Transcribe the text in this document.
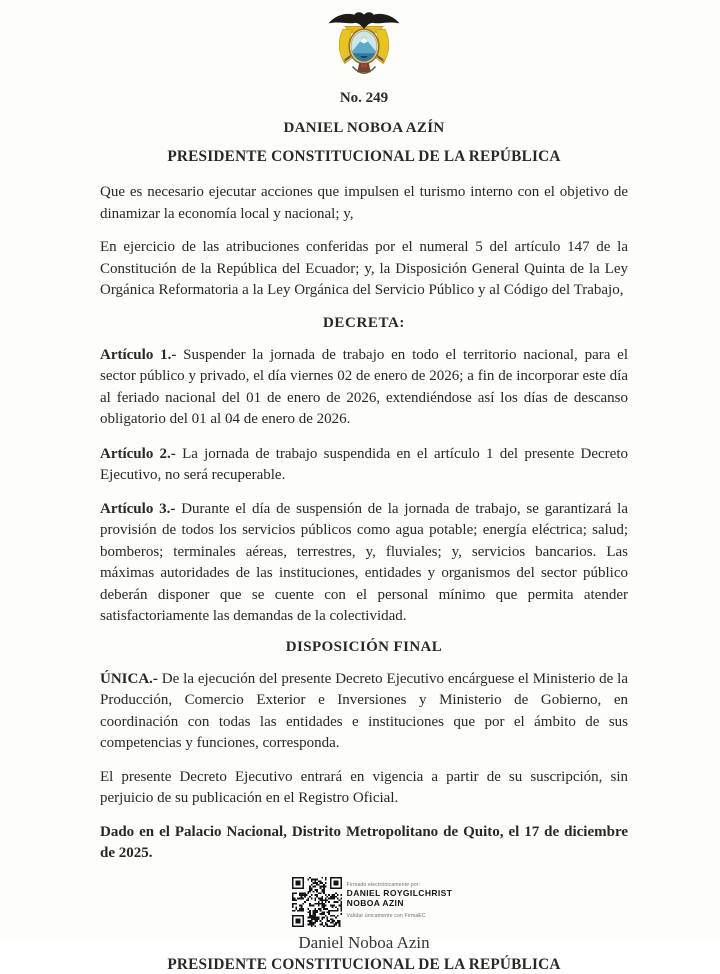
No. 249

DANIEL NOBOA AZÍN

PRESIDENTE CONSTITUCIONAL DE LA REPÚBLICA

Que es necesario ejecutar acciones que impulsen el turismo interno con el objetivo de dinamizar la economía local y nacional; y,

En ejercicio de las atribuciones conferidas por el numeral 5 del artículo 147 de la Constitución de la República del Ecuador; y, la Disposición General Quinta de la Ley Orgánica Reformatoria a la Ley Orgánica del Servicio Público y al Código del Trabajo,

DECRETA:

Artículo 1.- Suspender la jornada de trabajo en todo el territorio nacional, para el sector público y privado, el día viernes 02 de enero de 2026; a fin de incorporar este día al feriado nacional del 01 de enero de 2026, extendiéndose así los días de descanso obligatorio del 01 al 04 de enero de 2026.

Artículo 2.- La jornada de trabajo suspendida en el artículo 1 del presente Decreto Ejecutivo, no será recuperable.

Artículo 3.- Durante el día de suspensión de la jornada de trabajo, se garantizará la provisión de todos los servicios públicos como agua potable; energía eléctrica; salud; bomberos; terminales aéreas, terrestres, y, fluviales; y, servicios bancarios. Las máximas autoridades de las instituciones, entidades y organismos del sector público deberán disponer que se cuente con el personal mínimo que permita atender satisfactoriamente las demandas de la colectividad.

DISPOSICIÓN FINAL

ÚNICA.- De la ejecución del presente Decreto Ejecutivo encárguese el Ministerio de la Producción, Comercio Exterior e Inversiones y Ministerio de Gobierno, en coordinación con todas las entidades e instituciones que por el ámbito de sus competencias y funciones, corresponda.

El presente Decreto Ejecutivo entrará en vigencia a partir de su suscripción, sin perjuicio de su publicación en el Registro Oficial.

Dado en el Palacio Nacional, Distrito Metropolitano de Quito, el 17 de diciembre de 2025.

Firmado electrónicamente por:
DANIEL ROYGILCHRIST
NOBOA AZIN
Validar únicamente con FirmaEC

Daniel Noboa Azin

PRESIDENTE CONSTITUCIONAL DE LA REPÚBLICA
